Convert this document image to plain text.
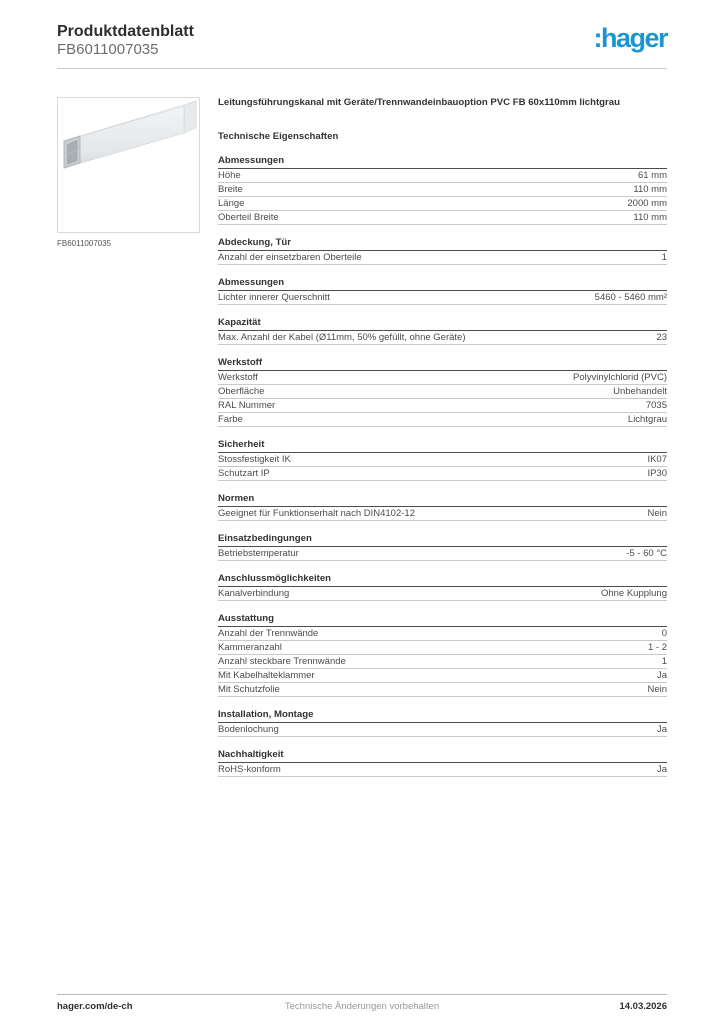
Produktdatenblatt
FB6011007035	:hager
FB6011007035
Leitungsführungskanal mit Geräte/Trennwandeinbauoption PVC FB 60x110mm lichtgrau
Technische Eigenschaften
Abmessungen
Höhe	61 mm
Breite	110 mm
Länge	2000 mm
Oberteil Breite	110 mm
Abdeckung, Tür
Anzahl der einsetzbaren Oberteile	1
Abmessungen
Lichter innerer Querschnitt	5460 - 5460 mm²
Kapazität
Max. Anzahl der Kabel (Ø11mm, 50% gefüllt, ohne Geräte)	23
Werkstoff
Werkstoff	Polyvinylchlorid (PVC)
Oberfläche	Unbehandelt
RAL Nummer	7035
Farbe	Lichtgrau
Sicherheit
Stossfestigkeit IK	IK07
Schutzart IP	IP30
Normen
Geeignet für Funktionserhalt nach DIN4102-12	Nein
Einsatzbedingungen
Betriebstemperatur	-5 - 60 °C
Anschlussmöglichkeiten
Kanalverbindung	Ohne Kupplung
Ausstattung
Anzahl der Trennwände	0
Kammeranzahl	1 - 2
Anzahl steckbare Trennwände	1
Mit Kabelhalteklammer	Ja
Mit Schutzfolie	Nein
Installation, Montage
Bodenlochung	Ja
Nachhaltigkeit
RoHS-konform	Ja
hager.com/de-ch	Technische Änderungen vorbehalten	14.03.2026
